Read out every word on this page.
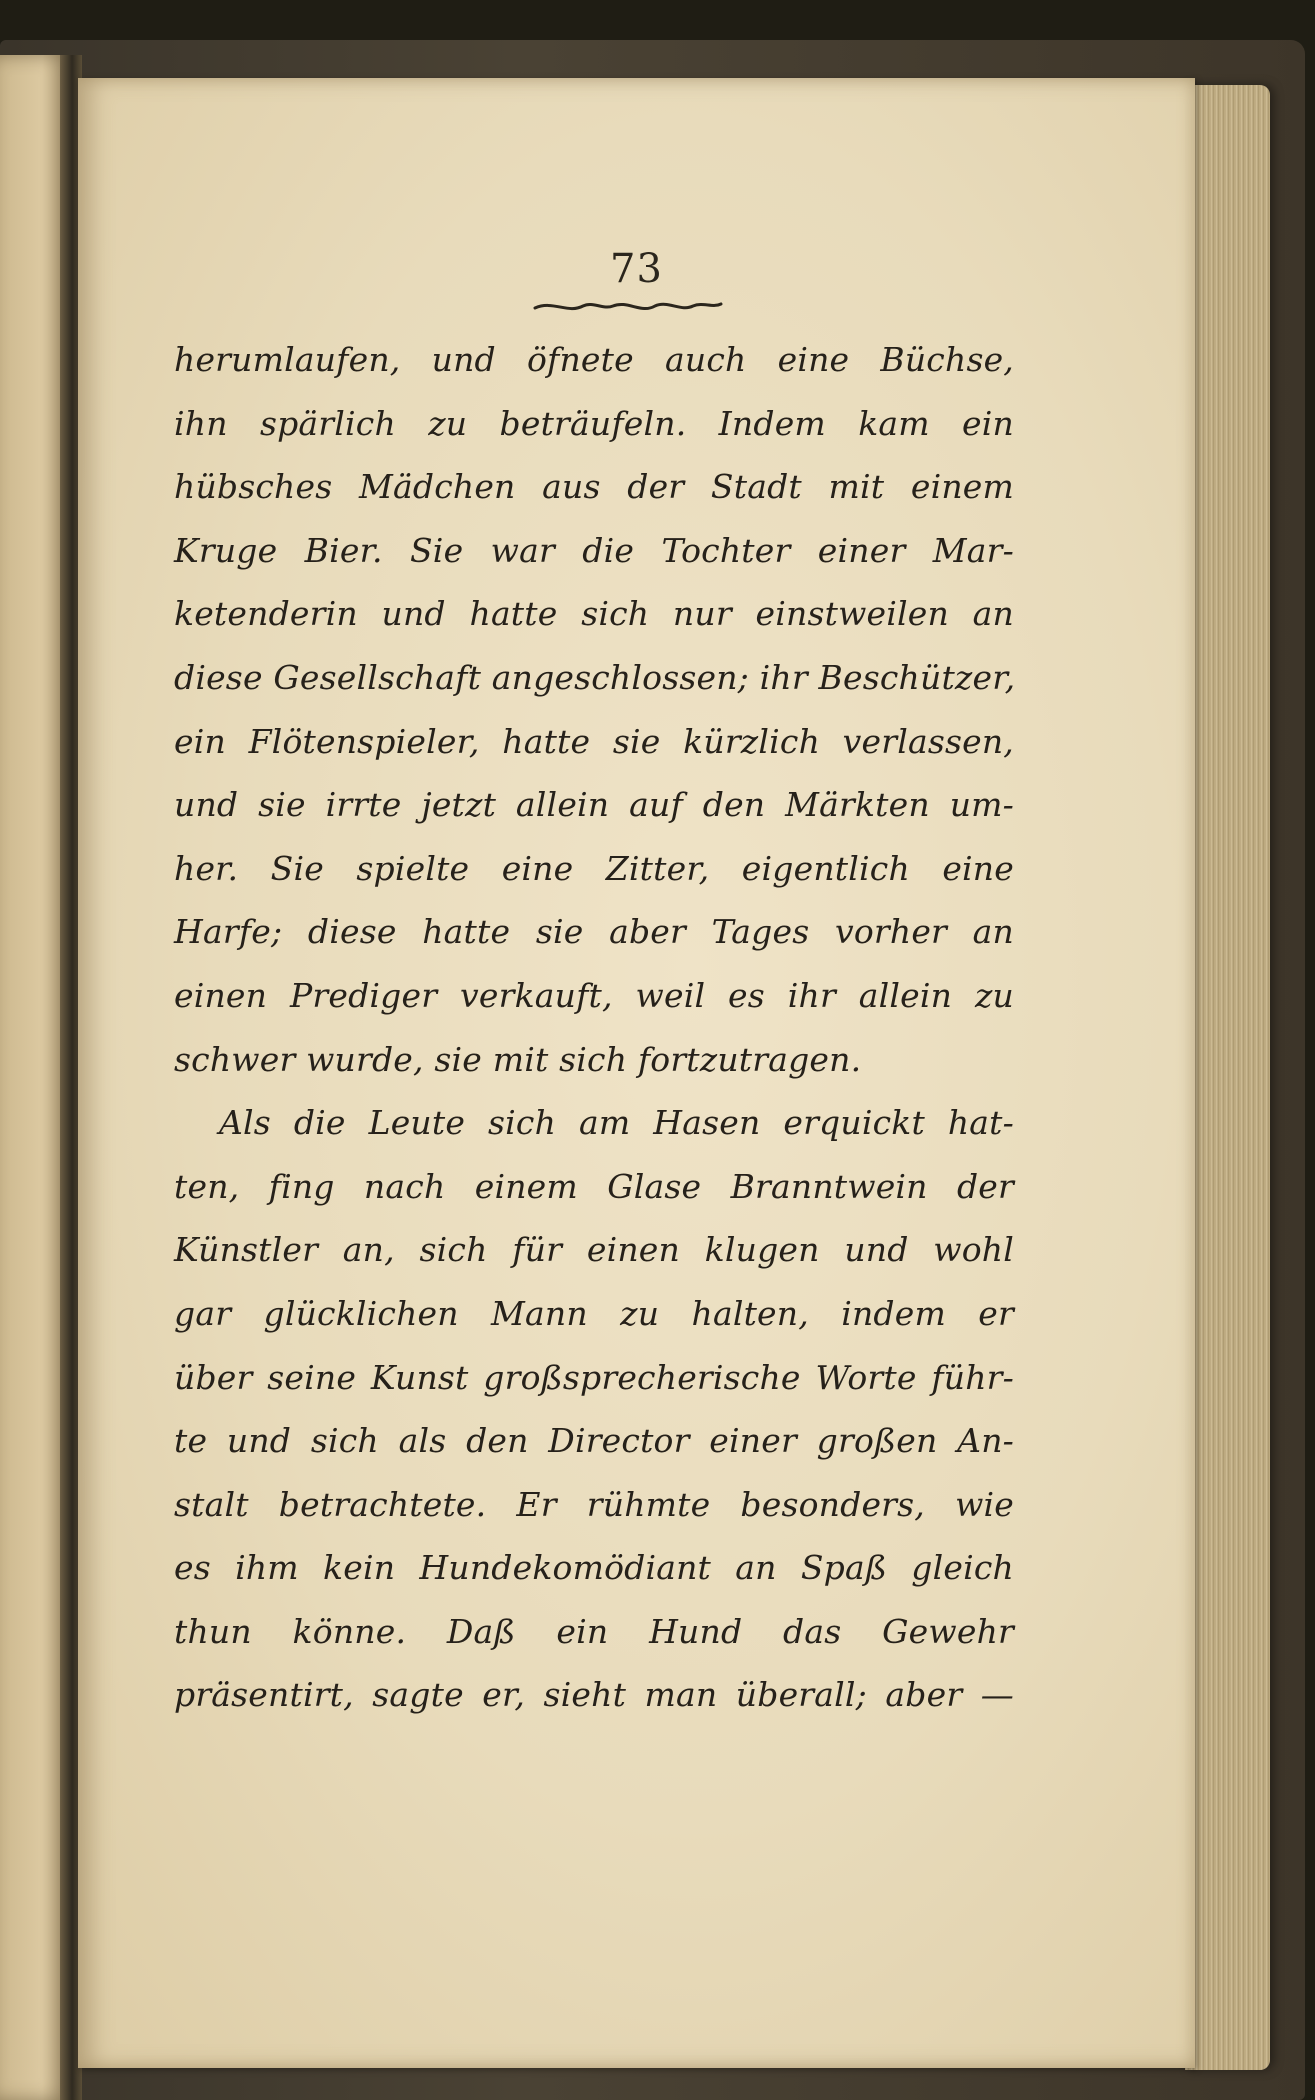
73
herumlaufen, und öfnete auch eine Büchse,
ihn spärlich zu beträufeln. Indem kam ein
hübsches Mädchen aus der Stadt mit einem
Kruge Bier. Sie war die Tochter einer Mar-
ketenderin und hatte sich nur einstweilen an
diese Gesellschaft angeschlossen; ihr Beschützer,
ein Flötenspieler, hatte sie kürzlich verlassen,
und sie irrte jetzt allein auf den Märkten um-
her. Sie spielte eine Zitter, eigentlich eine
Harfe; diese hatte sie aber Tages vorher an
einen Prediger verkauft, weil es ihr allein zu
schwer wurde, sie mit sich fortzutragen.
Als die Leute sich am Hasen erquickt hat-
ten, fing nach einem Glase Branntwein der
Künstler an, sich für einen klugen und wohl
gar glücklichen Mann zu halten, indem er
über seine Kunst großsprecherische Worte führ-
te und sich als den Director einer großen An-
stalt betrachtete. Er rühmte besonders, wie
es ihm kein Hundekomödiant an Spaß gleich
thun könne. Daß ein Hund das Gewehr
präsentirt, sagte er, sieht man überall; aber —
